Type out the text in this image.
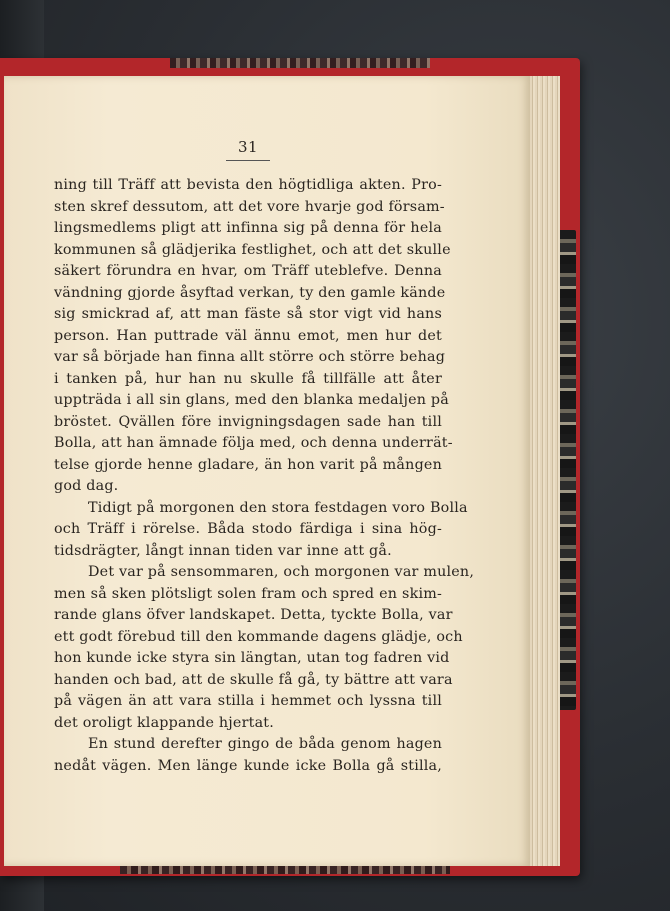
31
ning till Träff att bevista den högtidliga akten. Pro-
sten skref dessutom, att det vore hvarje god försam-
lingsmedlems pligt att infinna sig på denna för hela
kommunen så glädjerika festlighet, och att det skulle
säkert förundra en hvar, om Träff uteblefve. Denna
vändning gjorde åsyftad verkan, ty den gamle kände
sig smickrad af, att man fäste så stor vigt vid hans
person. Han puttrade väl ännu emot, men hur det
var så började han finna allt större och större behag
i tanken på, hur han nu skulle få tillfälle att åter
uppträda i all sin glans, med den blanka medaljen på
bröstet. Qvällen före invigningsdagen sade han till
Bolla, att han ämnade följa med, och denna underrät-
telse gjorde henne gladare, än hon varit på mången
god dag.
Tidigt på morgonen den stora festdagen voro Bolla
och Träff i rörelse. Båda stodo färdiga i sina hög-
tidsdrägter, långt innan tiden var inne att gå.
Det var på sensommaren, och morgonen var mulen,
men så sken plötsligt solen fram och spred en skim-
rande glans öfver landskapet. Detta, tyckte Bolla, var
ett godt förebud till den kommande dagens glädje, och
hon kunde icke styra sin längtan, utan tog fadren vid
handen och bad, att de skulle få gå, ty bättre att vara
på vägen än att vara stilla i hemmet och lyssna till
det oroligt klappande hjertat.
En stund derefter gingo de båda genom hagen
nedåt vägen. Men länge kunde icke Bolla gå stilla,
